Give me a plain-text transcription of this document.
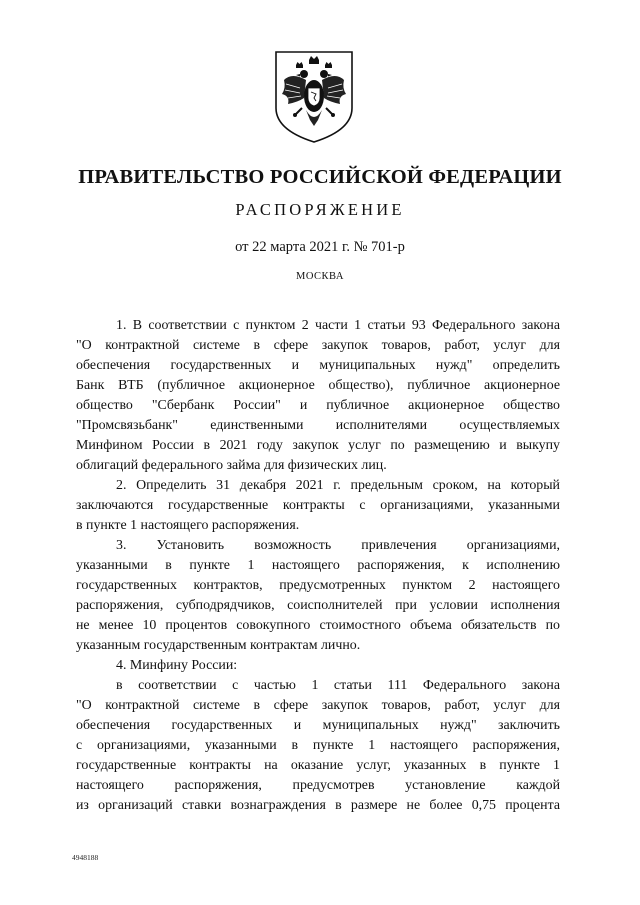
ПРАВИТЕЛЬСТВО РОССИЙСКОЙ ФЕДЕРАЦИИ
РАСПОРЯЖЕНИЕ
от 22 марта 2021 г. № 701-р
МОСКВА
1. В соответствии с пунктом 2 части 1 статьи 93 Федерального закона
"О контрактной системе в сфере закупок товаров, работ, услуг для
обеспечения государственных и муниципальных нужд" определить
Банк ВТБ (публичное акционерное общество), публичное акционерное
общество "Сбербанк России" и публичное акционерное общество
"Промсвязьбанк" единственными исполнителями осуществляемых
Минфином России в 2021 году закупок услуг по размещению и выкупу
облигаций федерального займа для физических лиц.
2. Определить 31 декабря 2021 г. предельным сроком, на который
заключаются государственные контракты с организациями, указанными
в пункте 1 настоящего распоряжения.
3. Установить возможность привлечения организациями,
указанными в пункте 1 настоящего распоряжения, к исполнению
государственных контрактов, предусмотренных пунктом 2 настоящего
распоряжения, субподрядчиков, соисполнителей при условии исполнения
не менее 10 процентов совокупного стоимостного объема обязательств по
указанным государственным контрактам лично.
4. Минфину России:
в соответствии с частью 1 статьи 111 Федерального закона
"О контрактной системе в сфере закупок товаров, работ, услуг для
обеспечения государственных и муниципальных нужд" заключить
с организациями, указанными в пункте 1 настоящего распоряжения,
государственные контракты на оказание услуг, указанных в пункте 1
настоящего распоряжения, предусмотрев установление каждой
из организаций ставки вознаграждения в размере не более 0,75 процента
4948188
